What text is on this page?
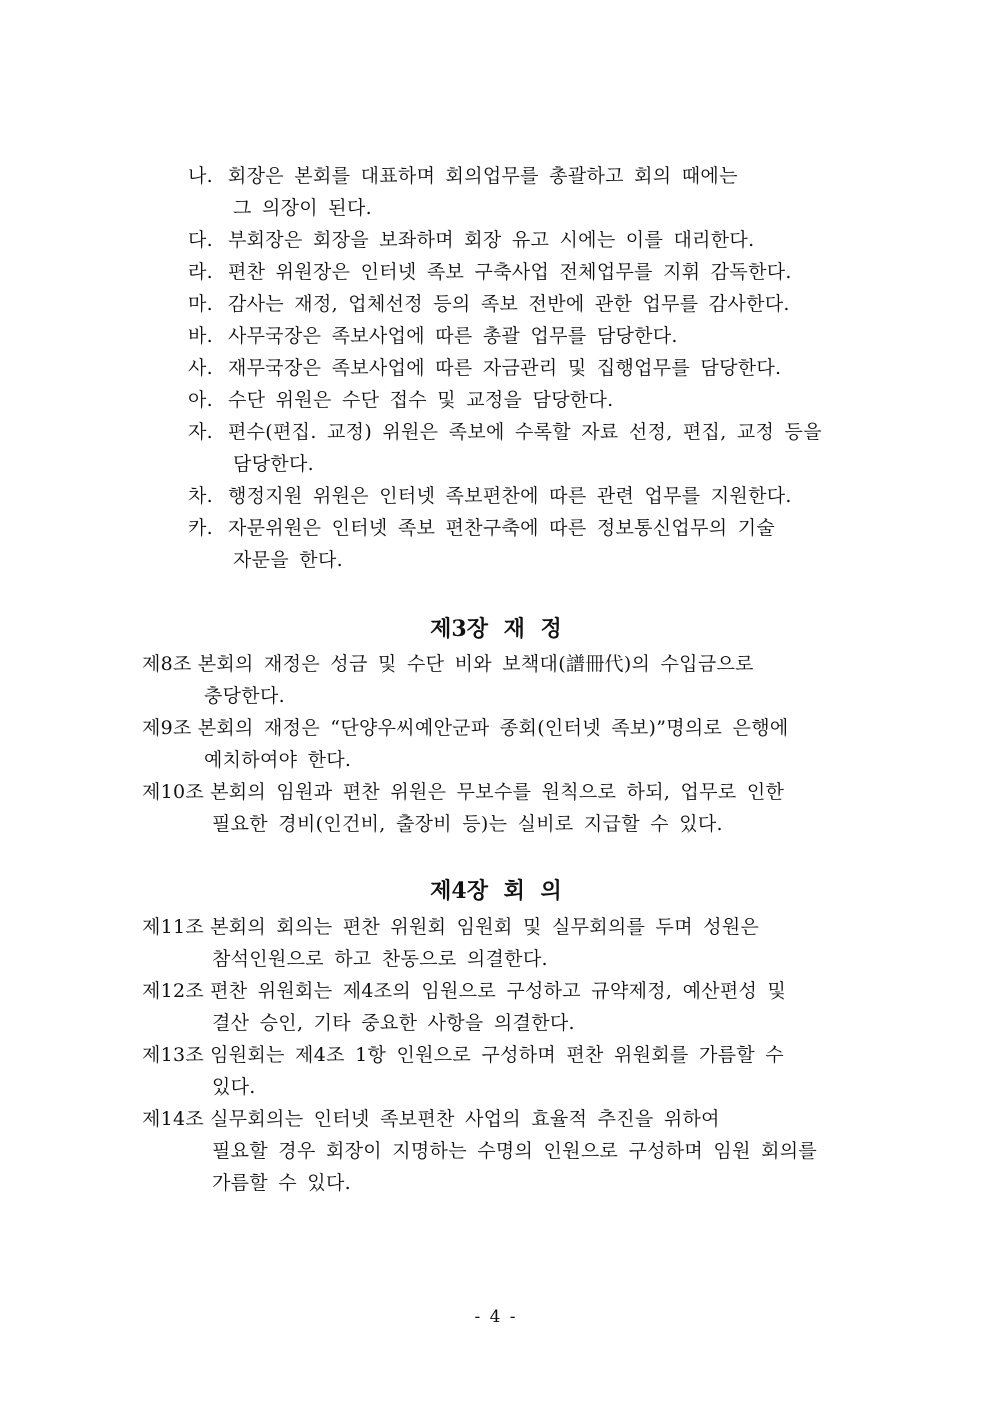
나. 회장은 본회를 대표하며 회의업무를 총괄하고 회의 때에는
그 의장이 된다.
다. 부회장은 회장을 보좌하며 회장 유고 시에는 이를 대리한다.
라. 편찬 위원장은 인터넷 족보 구축사업 전체업무를 지휘 감독한다.
마. 감사는 재정, 업체선정 등의 족보 전반에 관한 업무를 감사한다.
바. 사무국장은 족보사업에 따른 총괄 업무를 담당한다.
사. 재무국장은 족보사업에 따른 자금관리 및 집행업무를 담당한다.
아. 수단 위원은 수단 접수 및 교정을 담당한다.
자. 편수(편집. 교정) 위원은 족보에 수록할 자료 선정, 편집, 교정 등을
담당한다.
차. 행정지원 위원은 인터넷 족보편찬에 따른 관련 업무를 지원한다.
카. 자문위원은 인터넷 족보 편찬구축에 따른 정보통신업무의 기술
자문을 한다.
제3장 재 정
제8조 본회의 재정은 성금 및 수단 비와 보책대(譜冊代)의 수입금으로
충당한다.
제9조 본회의 재정은 “단양우씨예안군파 종회(인터넷 족보)”명의로 은행에
예치하여야 한다.
제10조 본회의 임원과 편찬 위원은 무보수를 원칙으로 하되, 업무로 인한
필요한 경비(인건비, 출장비 등)는 실비로 지급할 수 있다.
제4장 회 의
제11조 본회의 회의는 편찬 위원회 임원회 및 실무회의를 두며 성원은
참석인원으로 하고 찬동으로 의결한다.
제12조 편찬 위원회는 제4조의 임원으로 구성하고 규약제정, 예산편성 및
결산 승인, 기타 중요한 사항을 의결한다.
제13조 임원회는 제4조 1항 인원으로 구성하며 편찬 위원회를 가름할 수
있다.
제14조 실무회의는 인터넷 족보편찬 사업의 효율적 추진을 위하여
필요할 경우 회장이 지명하는 수명의 인원으로 구성하며 임원 회의를
가름할 수 있다.
- 4 -
